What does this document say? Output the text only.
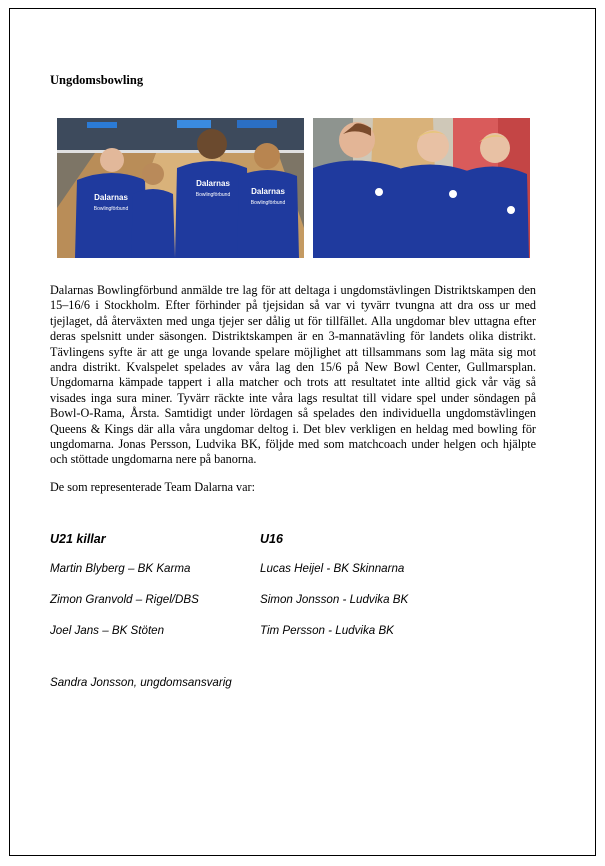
Ungdomsbowling
Dalarnas
Bowlingförbund
Dalarnas
Bowlingförbund	Dalarnas
Bowlingförbund
Dalarnas Bowlingförbund anmälde tre lag för att deltaga i ungdomstävlingen Distriktskampen den 15–16/6 i Stockholm. Efter förhinder på tjejsidan så var vi tyvärr tvungna att dra oss ur med tjejlaget, då återväxten med unga tjejer ser dålig ut för tillfället. Alla ungdomar blev uttagna efter deras spelsnitt under säsongen. Distriktskampen är en 3-mannatävling för landets olika distrikt. Tävlingens syfte är att ge unga lovande spelare möjlighet att tillsammans som lag mäta sig mot andra distrikt. Kvalspelet spelades av våra lag den 15/6 på New Bowl Center, Gullmarsplan. Ungdomarna kämpade tappert i alla matcher och trots att resultatet inte alltid gick vår väg så visades inga sura miner. Tyvärr räckte inte våra lags resultat till vidare spel under söndagen på Bowl-O-Rama, Årsta. Samtidigt under lördagen så spelades den individuella ungdomstävlingen Queens & Kings där alla våra ungdomar deltog i. Det blev verkligen en heldag med bowling för ungdomarna. Jonas Persson, Ludvika BK, följde med som matchcoach under helgen och hjälpte och stöttade ungdomarna nere på banorna.
De som representerade Team Dalarna var:
U21 killar
Martin Blyberg – BK Karma
Zimon Granvold – Rigel/DBS
Joel Jans – BK Stöten
U16
Lucas Heijel - BK Skinnarna
Simon Jonsson - Ludvika BK
Tim Persson - Ludvika BK
Sandra Jonsson, ungdomsansvarig
